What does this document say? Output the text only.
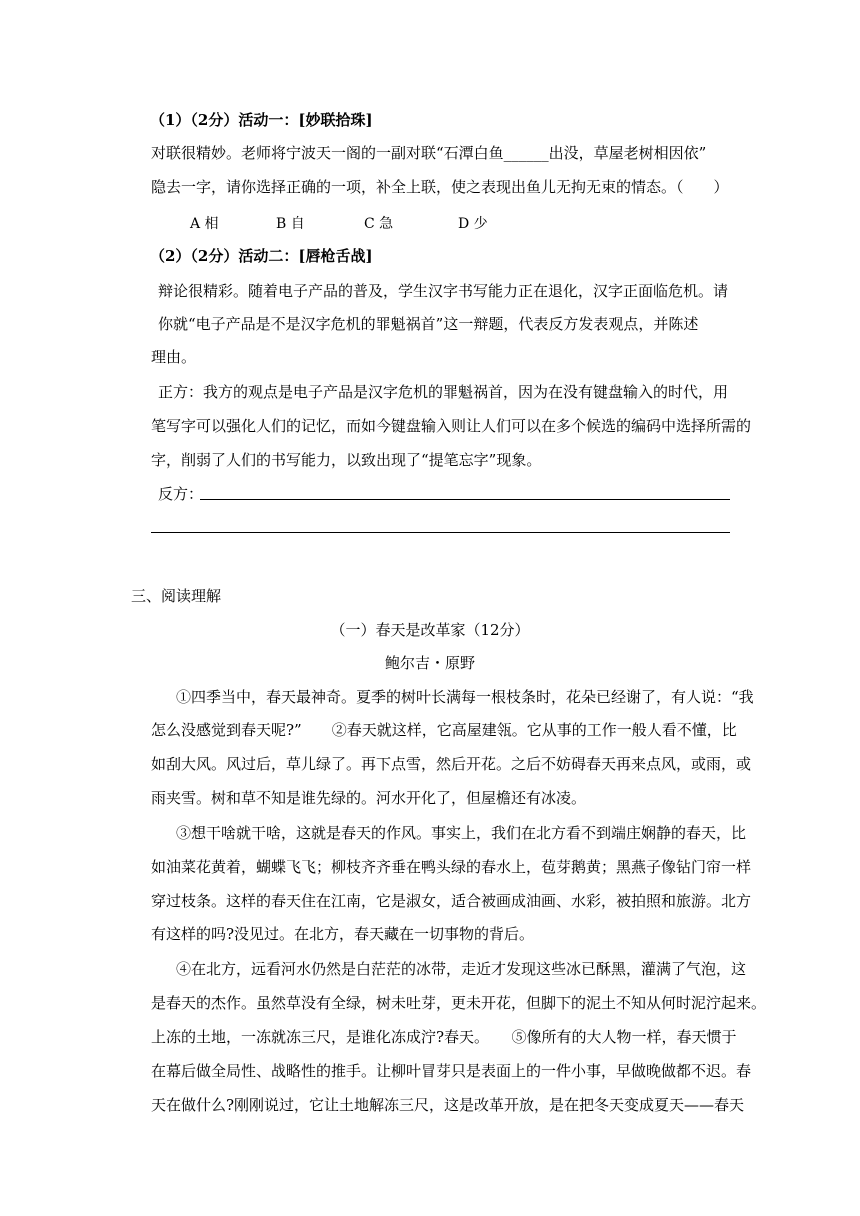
（1）（2分）活动一：[妙联拾珠]
对联很精妙。老师将宁波天一阁的一副对联“石潭白鱼______出没，草屋老树相因依”
隐去一字，请你选择正确的一项，补全上联，使之表现出鱼儿无拘无束的情态。（　　）
A 相	B 自	C 急	D 少
（2）（2分）活动二：[唇枪舌战]
辩论很精彩。随着电子产品的普及，学生汉字书写能力正在退化，汉字正面临危机。请
你就“电子产品是不是汉字危机的罪魁祸首”这一辩题，代表反方发表观点，并陈述
理由。
正方：我方的观点是电子产品是汉字危机的罪魁祸首，因为在没有键盘输入的时代，用
笔写字可以强化人们的记忆，而如今键盘输入则让人们可以在多个候选的编码中选择所需的
字，削弱了人们的书写能力，以致出现了“提笔忘字”现象。
反方：
三、阅读理解
（一）春天是改革家（12分）
鲍尔吉・原野
①四季当中，春天最神奇。夏季的树叶长满每一根枝条时，花朵已经谢了，有人说：“我
怎么没感觉到春天呢?”　　②春天就这样，它高屋建瓴。它从事的工作一般人看不懂，比
如刮大风。风过后，草儿绿了。再下点雪，然后开花。之后不妨碍春天再来点风，或雨，或
雨夹雪。树和草不知是谁先绿的。河水开化了，但屋檐还有冰凌。
③想干啥就干啥，这就是春天的作风。事实上，我们在北方看不到端庄娴静的春天，比
如油菜花黄着，蝴蝶飞飞；柳枝齐齐垂在鸭头绿的春水上，苞芽鹅黄；黑燕子像钻门帘一样
穿过枝条。这样的春天住在江南，它是淑女，适合被画成油画、水彩，被拍照和旅游。北方
有这样的吗?没见过。在北方，春天藏在一切事物的背后。
④在北方，远看河水仍然是白茫茫的冰带，走近才发现这些冰已酥黑，灌满了气泡，这
是春天的杰作。虽然草没有全绿，树未吐芽，更未开花，但脚下的泥土不知从何时泥泞起来。
上冻的土地，一冻就冻三尺，是谁化冻成泞?春天。　　⑤像所有的大人物一样，春天惯于
在幕后做全局性、战略性的推手。让柳叶冒芽只是表面上的一件小事，早做晚做都不迟。春
天在做什么?刚刚说过，它让土地解冻三尺，这是改革开放，是在把冬天变成夏天——春天
